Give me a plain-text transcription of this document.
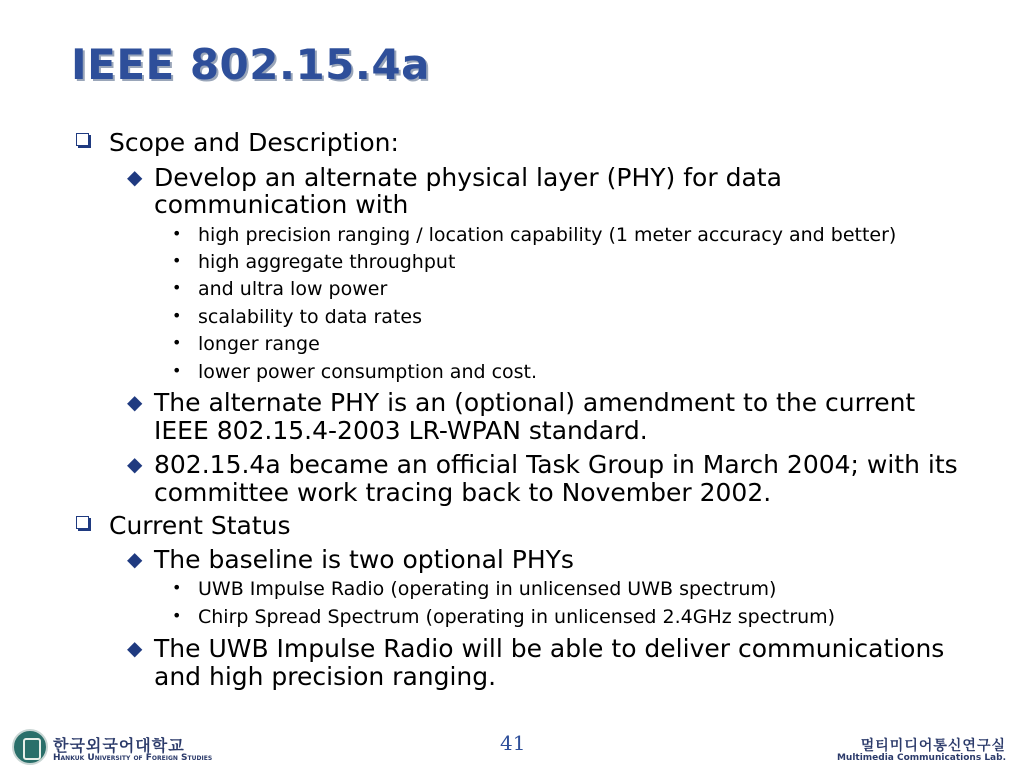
IEEE 802.15.4a
Scope and Description:
◆ Develop an alternate physical layer (PHY) for data
communication with
• high precision ranging / location capability (1 meter accuracy and better)
• high aggregate throughput
• and ultra low power
• scalability to data rates
• longer range
• lower power consumption and cost.
◆ The alternate PHY is an (optional) amendment to the current
IEEE 802.15.4-2003 LR-WPAN standard.
◆ 802.15.4a became an official Task Group in March 2004; with its
committee work tracing back to November 2002.
Current Status
◆ The baseline is two optional PHYs
• UWB Impulse Radio (operating in unlicensed UWB spectrum)
• Chirp Spread Spectrum (operating in unlicensed 2.4GHz spectrum)
◆ The UWB Impulse Radio will be able to deliver communications
and high precision ranging.
한국외국어대학교
Hankuk University of Foreign Studies
41	멀티미디어통신연구실
Multimedia Communications Lab.
